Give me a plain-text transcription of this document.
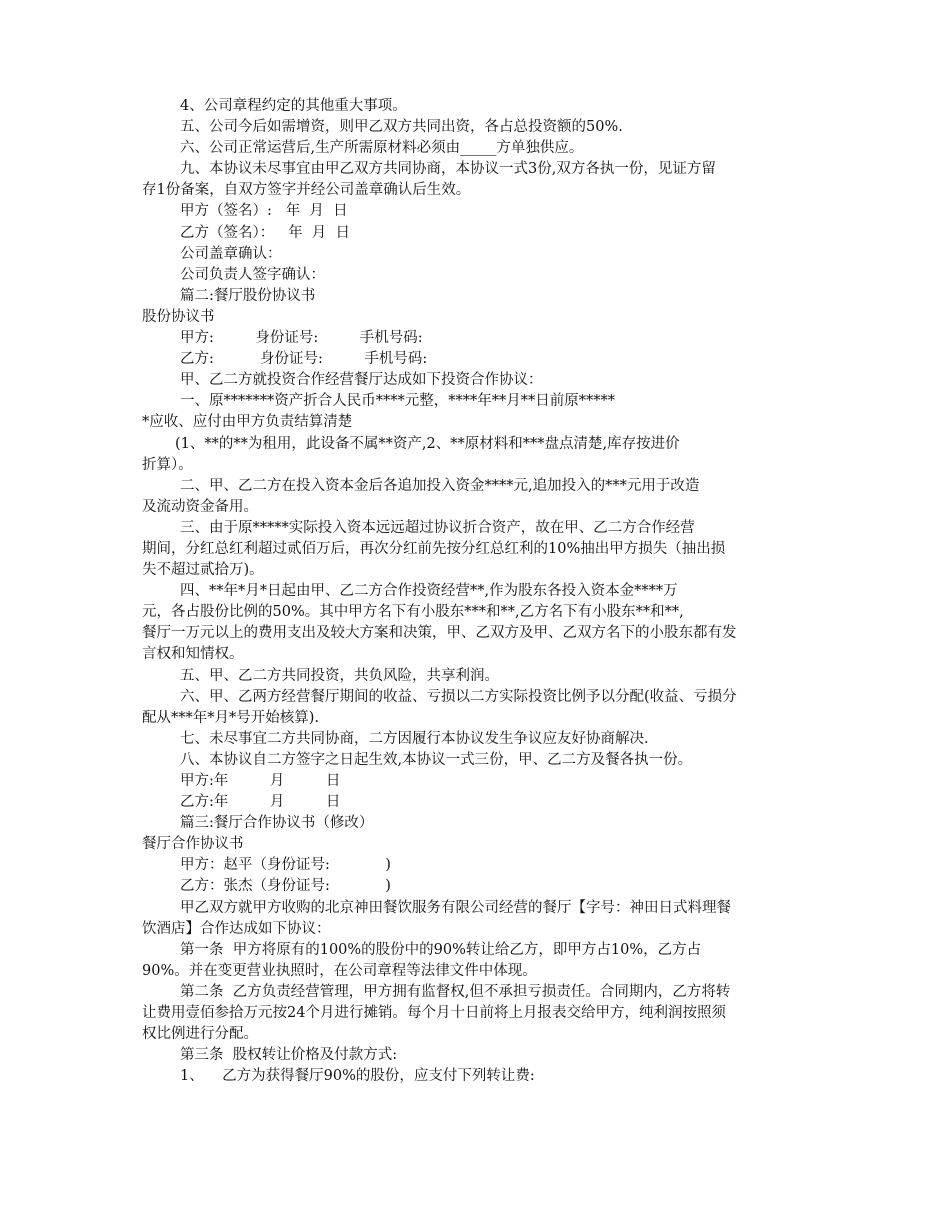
4、公司章程约定的其他重大事项。
五、公司今后如需增资，则甲乙双方共同出资，各占总投资额的50%.
六、公司正常运营后,生产所需原材料必须由_____方单独供应。
九、本协议未尽事宜由甲乙双方共同协商，本协议一式3份,双方各执一份，见证方留
存1份备案，自双方签字并经公司盖章确认后生效。
甲方（签名）:   年  月  日
乙方（签名）：   年  月  日
公司盖章确认：
公司负责人签字确认：
篇二:餐厅股份协议书
股份协议书
甲方:         身份证号:         手机号码:
乙方:          身份证号:         手机号码:
甲、乙二方就投资合作经营餐厅达成如下投资合作协议：
一、原*******资产折合人民币****元整，****年**月**日前原*****
*应收、应付由甲方负责结算清楚
(1、**的**为租用，此设备不属**资产,2、**原材料和***盘点清楚,库存按进价
折算）。
二、甲、乙二方在投入资本金后各追加投入资金****元,追加投入的***元用于改造
及流动资金备用。
三、由于原*****实际投入资本远远超过协议折合资产，故在甲、乙二方合作经营
期间，分红总红利超过贰佰万后，再次分红前先按分红总红利的10%抽出甲方损失（抽出损
失不超过贰拾万)。
四、**年*月*日起由甲、乙二方合作投资经营**,作为股东各投入资本金****万
元，各占股份比例的50%。其中甲方名下有小股东***和**,乙方名下有小股东**和**,
餐厅一万元以上的费用支出及较大方案和决策，甲、乙双方及甲、乙双方名下的小股东都有发
言权和知情权。
五、甲、乙二方共同投资，共负风险，共享利润。
六、甲、乙两方经营餐厅期间的收益、亏损以二方实际投资比例予以分配(收益、亏损分
配从***年*月*号开始核算).
七、未尽事宜二方共同协商，二方因履行本协议发生争议应友好协商解决.
八、本协议自二方签字之日起生效,本协议一式三份，甲、乙二方及餐各执一份。
甲方:年         月         日
乙方:年         月         日
篇三:餐厅合作协议书（修改）
餐厅合作协议书
甲方：赵平（身份证号:            )
乙方：张杰（身份证号:            )
甲乙双方就甲方收购的北京神田餐饮服务有限公司经营的餐厅【字号：神田日式料理餐
饮酒店】合作达成如下协议：
第一条  甲方将原有的100%的股份中的90%转让给乙方，即甲方占10%，乙方占
90%。并在变更营业执照时，在公司章程等法律文件中体现。
第二条  乙方负责经营管理，甲方拥有监督权,但不承担亏损责任。合同期内，乙方将转
让费用壹佰参拾万元按24个月进行摊销。每个月十日前将上月报表交给甲方，纯利润按照须
权比例进行分配。
第三条  股权转让价格及付款方式:
1、    乙方为获得餐厅90%的股份，应支付下列转让费:
